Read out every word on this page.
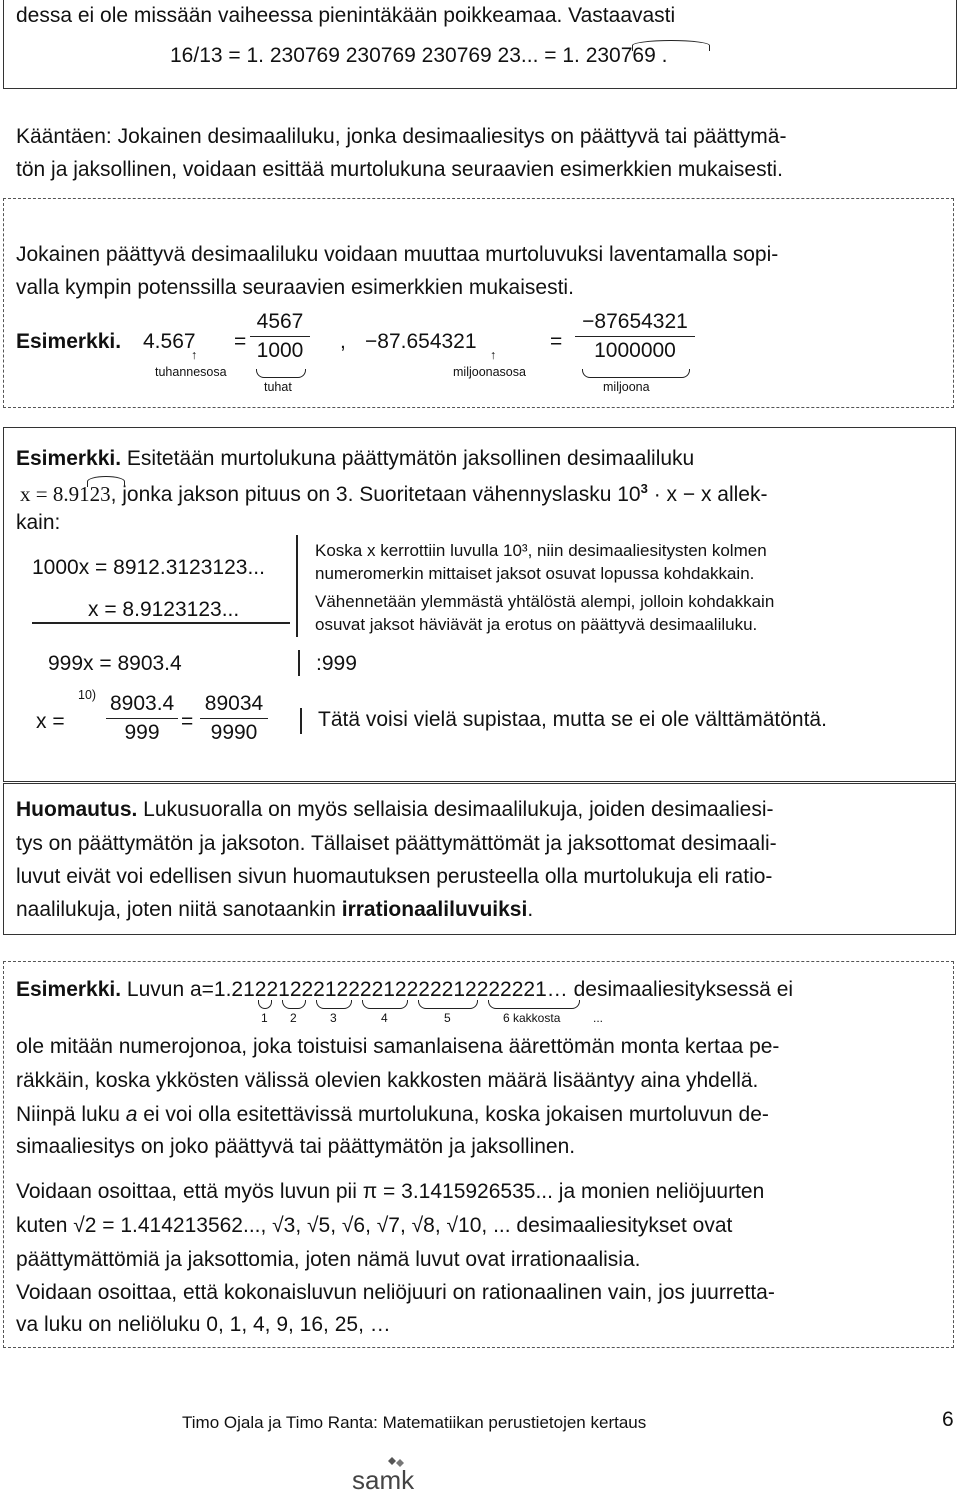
dessa ei ole missään vaiheessa pienintäkään poikkeamaa. Vastaavasti
16/13 = 1. 230769 230769 230769 23... = 1. 230769 .
Kääntäen: Jokainen desimaaliluku, jonka desimaaliesitys on päättyvä tai päättymä-
tön ja jaksollinen, voidaan esittää murtolukuna seuraavien esimerkkien mukaisesti.
Jokainen päättyvä desimaaliluku voidaan muuttaa murtoluvuksi laventamalla sopi-
valla kympin potenssilla seuraavien esimerkkien mukaisesti.
Esimerkki. 4.567
↑
tuhannesosa
= $\frac{4567}{1000}$
tuhat
, −87.654321
↑
miljoonasosa
= $\frac{-87654321}{1000000}$
miljoona
Esimerkki. Esitetään murtolukuna päättymätön jaksollinen desimaaliluku
x = 8.9123, jonka jakson pituus on 3. Suoritetaan vähennyslasku $10^3 \cdot x - x$ allek-
kain:
1000x = 8912.3123123...
x = 8.9123123...
Koska x kerrottiin luvulla 10³, niin desimaaliesitysten kolmen
numeromerkin mittaiset jaksot osuvat lopussa kohdakkain.
Vähennetään ylemmästä yhtälöstä alempi, jolloin kohdakkain
osuvat jaksot häviävät ja erotus on päättyvä desimaaliluku.
999x = 8903.4	:999
x =
$10) \frac{8903.4}{999} = \frac{89034}{9990}$ Tätä voisi vielä supistaa, mutta se ei ole välttämätöntä.
Huomautus. Lukusuoralla on myös sellaisia desimaalilukuja, joiden desimaaliesi-
tys on päättymätön ja jaksoton. Tällaiset päättymättömät ja jaksottomat desimaali-
luvut eivät voi edellisen sivun huomautuksen perusteella olla murtolukuja eli ratio-
naalilukuja, joten niitä sanotaankin irrationaaliluvuiksi.
Esimerkki. Luvun a=1.212212221222212222212222221… desimaaliesityksessä ei
1 2	3	4	5	6 kakkosta	...
ole mitään numerojonoa, joka toistuisi samanlaisena äärettömän monta kertaa pe-
räkkäin, koska ykkösten välissä olevien kakkosten määrä lisääntyy aina yhdellä.
Niinpä luku a ei voi olla esitettävissä murtolukuna, koska jokaisen murtoluvun de-
simaaliesitys on joko päättyvä tai päättymätön ja jaksollinen.
Voidaan osoittaa, että myös luvun pii π = 3.1415926535... ja monien neliöjuurten
kuten √2 = 1.414213562..., √3, √5, √6, √7, √8, √10, ... desimaaliesitykset ovat
päättymättömiä ja jaksottomia, joten nämä luvut ovat irrationaalisia.
Voidaan osoittaa, että kokonaisluvun neliöjuuri on rationaalinen vain, jos juurretta-
va luku on neliöluku 0, 1, 4, 9, 16, 25, …
Timo Ojala ja Timo Ranta: Matematiikan perustietojen kertaus	6
samk
